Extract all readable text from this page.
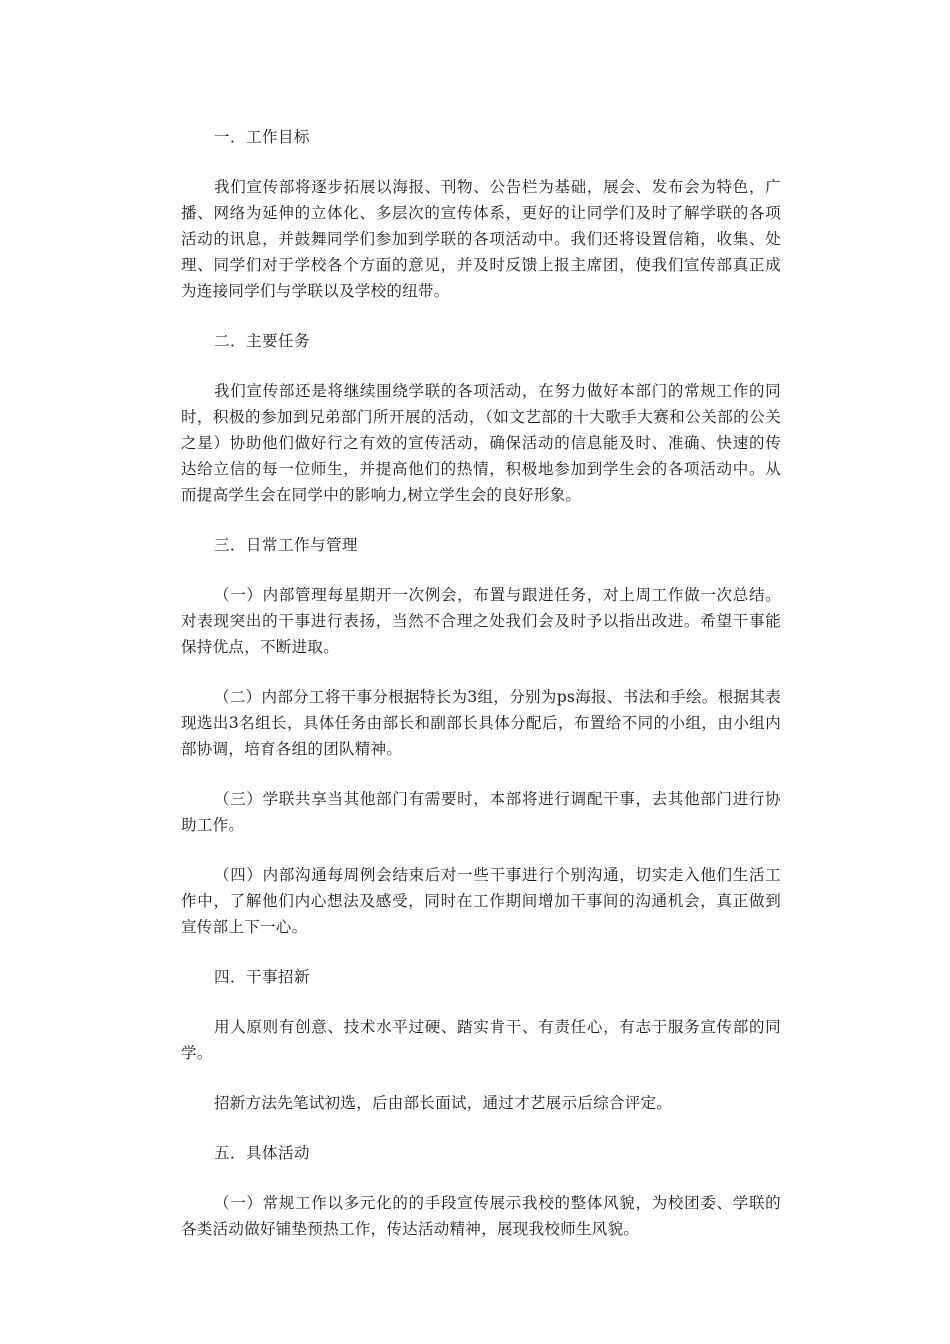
一．工作目标

我们宣传部将逐步拓展以海报、刊物、公告栏为基础，展会、发布会为特色，广播、网络为延伸的立体化、多层次的宣传体系，更好的让同学们及时了解学联的各项活动的讯息，并鼓舞同学们参加到学联的各项活动中。我们还将设置信箱，收集、处理、同学们对于学校各个方面的意见，并及时反馈上报主席团，使我们宣传部真正成为连接同学们与学联以及学校的纽带。

二．主要任务

我们宣传部还是将继续围绕学联的各项活动，在努力做好本部门的常规工作的同时，积极的参加到兄弟部门所开展的活动，（如文艺部的十大歌手大赛和公关部的公关之星）协助他们做好行之有效的宣传活动，确保活动的信息能及时、准确、快速的传达给立信的每一位师生，并提高他们的热情，积极地参加到学生会的各项活动中。从而提高学生会在同学中的影响力,树立学生会的良好形象。

三．日常工作与管理

（一）内部管理每星期开一次例会，布置与跟进任务，对上周工作做一次总结。对表现突出的干事进行表扬，当然不合理之处我们会及时予以指出改进。希望干事能保持优点，不断进取。

（二）内部分工将干事分根据特长为3组，分别为ps海报、书法和手绘。根据其表现选出3名组长，具体任务由部长和副部长具体分配后，布置给不同的小组，由小组内部协调，培育各组的团队精神。

（三）学联共享当其他部门有需要时，本部将进行调配干事，去其他部门进行协助工作。

（四）内部沟通每周例会结束后对一些干事进行个别沟通，切实走入他们生活工作中，了解他们内心想法及感受，同时在工作期间增加干事间的沟通机会，真正做到宣传部上下一心。

四．干事招新

用人原则有创意、技术水平过硬、踏实肯干、有责任心，有志于服务宣传部的同学。

招新方法先笔试初选，后由部长面试，通过才艺展示后综合评定。

五．具体活动

（一）常规工作以多元化的的手段宣传展示我校的整体风貌，为校团委、学联的各类活动做好铺垫预热工作，传达活动精神，展现我校师生风貌。
